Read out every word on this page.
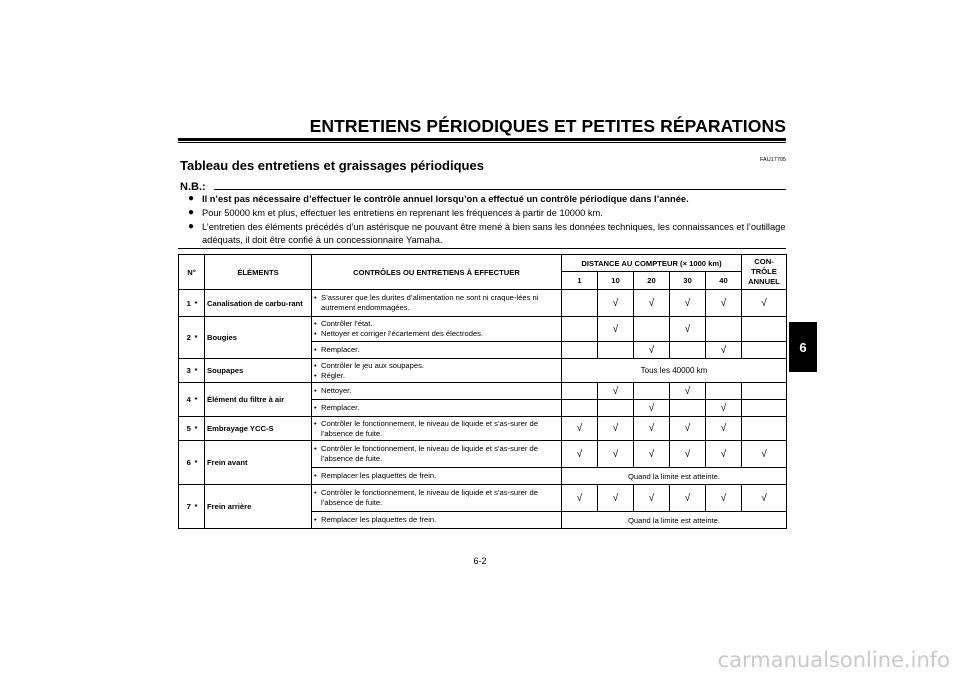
ENTRETIENS PÉRIODIQUES ET PETITES RÉPARATIONS
FAU17705
Tableau des entretiens et graissages périodiques
N.B.:
● Il n’est pas nécessaire d’effectuer le contrôle annuel lorsqu’on a effectué un contrôle périodique dans l’année.
● Pour 50000 km et plus, effectuer les entretiens en reprenant les fréquences à partir de 10000 km.
● L’entretien des éléments précédés d’un astérisque ne pouvant être mené à bien sans les données techniques, les connaissances et l’outillage adéquats, il doit être confié à un concessionnaire Yamaha.
N°		ÉLÉMENTS	CONTRÔLES OU ENTRETIENS À EFFECTUER	DISTANCE AU COMPTEUR (× 1000 km)					CON-TRÔLE ANNUEL
				1	10	20	30	40	
1	*	Canalisation de carbu-rant	• S’assurer que les durites d’alimentation ne sont ni craque-lées ni autrement endommagées.		√	√	√	√	√
2	*	Bougies	• Contrôler l’état.
• Nettoyer et corriger l’écartement des électrodes.		√		√		

			• Remplacer.			√		√	
3	*	Soupapes	• Contrôler le jeu aux soupapes.
• Régler.	Tous les 40000 km					
4	*	Élément du filtre à air	• Nettoyer.		√		√		

			• Remplacer.			√		√	
5	*	Embrayage YCC-S	• Contrôler le fonctionnement, le niveau de liquide et s’as-surer de l’absence de fuite.	√	√	√	√	√	
6	*	Frein avant	• Contrôler le fonctionnement, le niveau de liquide et s’as-surer de l’absence de fuite.	√	√	√	√	√	√

			• Remplacer les plaquettes de frein.	Quand la limite est atteinte.					
7	*	Frein arrière	• Contrôler le fonctionnement, le niveau de liquide et s’as-surer de l’absence de fuite.	√	√	√	√	√	√

			• Remplacer les plaquettes de frein.	Quand la limite est atteinte.					
6
6-2
carmanualsonline.info
